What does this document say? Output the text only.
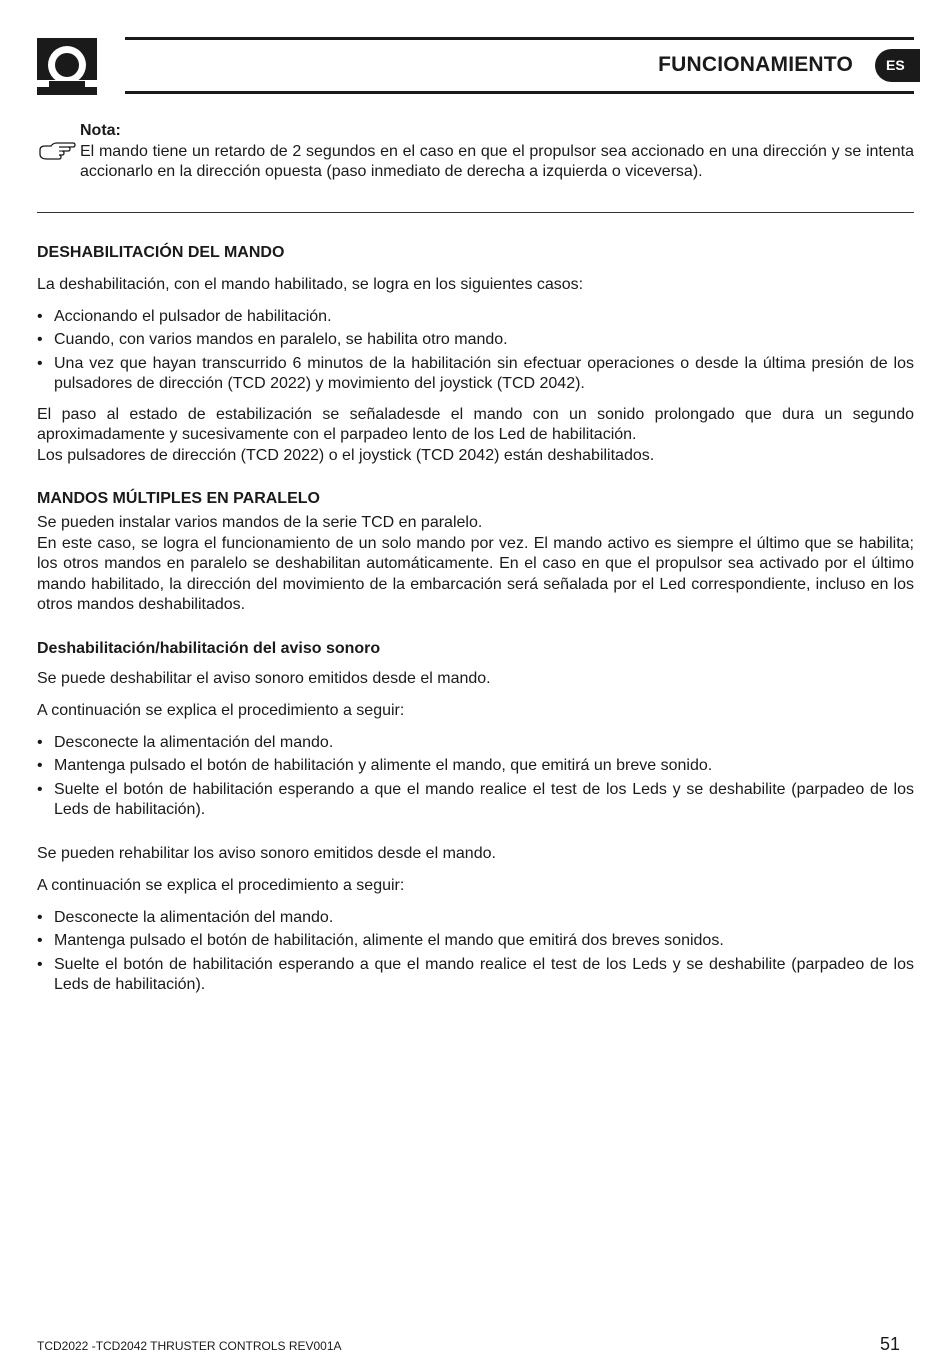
FUNCIONAMIENTO	ES
Nota:
El mando tiene un retardo de 2 segundos en el caso en que el propulsor sea accionado en una dirección y se intenta accionarlo en la dirección opuesta (paso inmediato de derecha a izquierda o viceversa).
DESHABILITACIÓN DEL MANDO

La deshabilitación, con el mando habilitado, se logra en los siguientes casos:

• Accionando el pulsador de habilitación.
• Cuando, con varios mandos en paralelo, se habilita otro mando.
• Una vez que hayan transcurrido 6 minutos de la habilitación sin efectuar operaciones o desde la última presión de los pulsadores de dirección (TCD 2022) y movimiento del joystick (TCD 2042).

El paso al estado de estabilización se señaladesde el mando con un sonido prolongado que dura un segundo aproximadamente y sucesivamente con el parpadeo lento de los Led de habilitación.

Los pulsadores de dirección (TCD 2022) o el joystick (TCD 2042) están deshabilitados.

MANDOS MÚLTIPLES EN PARALELO

Se pueden instalar varios mandos de la serie TCD en paralelo.

En este caso, se logra el funcionamiento de un solo mando por vez. El mando activo es siempre el último que se habilita; los otros mandos en paralelo se deshabilitan automáticamente. En el caso en que el propulsor sea activado por el último mando habilitado, la dirección del movimiento de la embarcación será señalada por el Led correspondiente, incluso en los otros mandos deshabilitados.

Deshabilitación/habilitación del aviso sonoro

Se puede deshabilitar el aviso sonoro emitidos desde el mando.

A continuación se explica el procedimiento a seguir:

• Desconecte la alimentación del mando.
• Mantenga pulsado el botón de habilitación y alimente el mando, que emitirá un breve sonido.
• Suelte el botón de habilitación esperando a que el mando realice el test de los Leds y se deshabilite (parpadeo de los Leds de habilitación).

Se pueden rehabilitar los aviso sonoro emitidos desde el mando.

A continuación se explica el procedimiento a seguir:

• Desconecte la alimentación del mando.
• Mantenga pulsado el botón de habilitación, alimente el mando que emitirá dos breves sonidos.
• Suelte el botón de habilitación esperando a que el mando realice el test de los Leds y se deshabilite (parpadeo de los Leds de habilitación).
TCD2022 -TCD2042 THRUSTER CONTROLS REV001A	51
